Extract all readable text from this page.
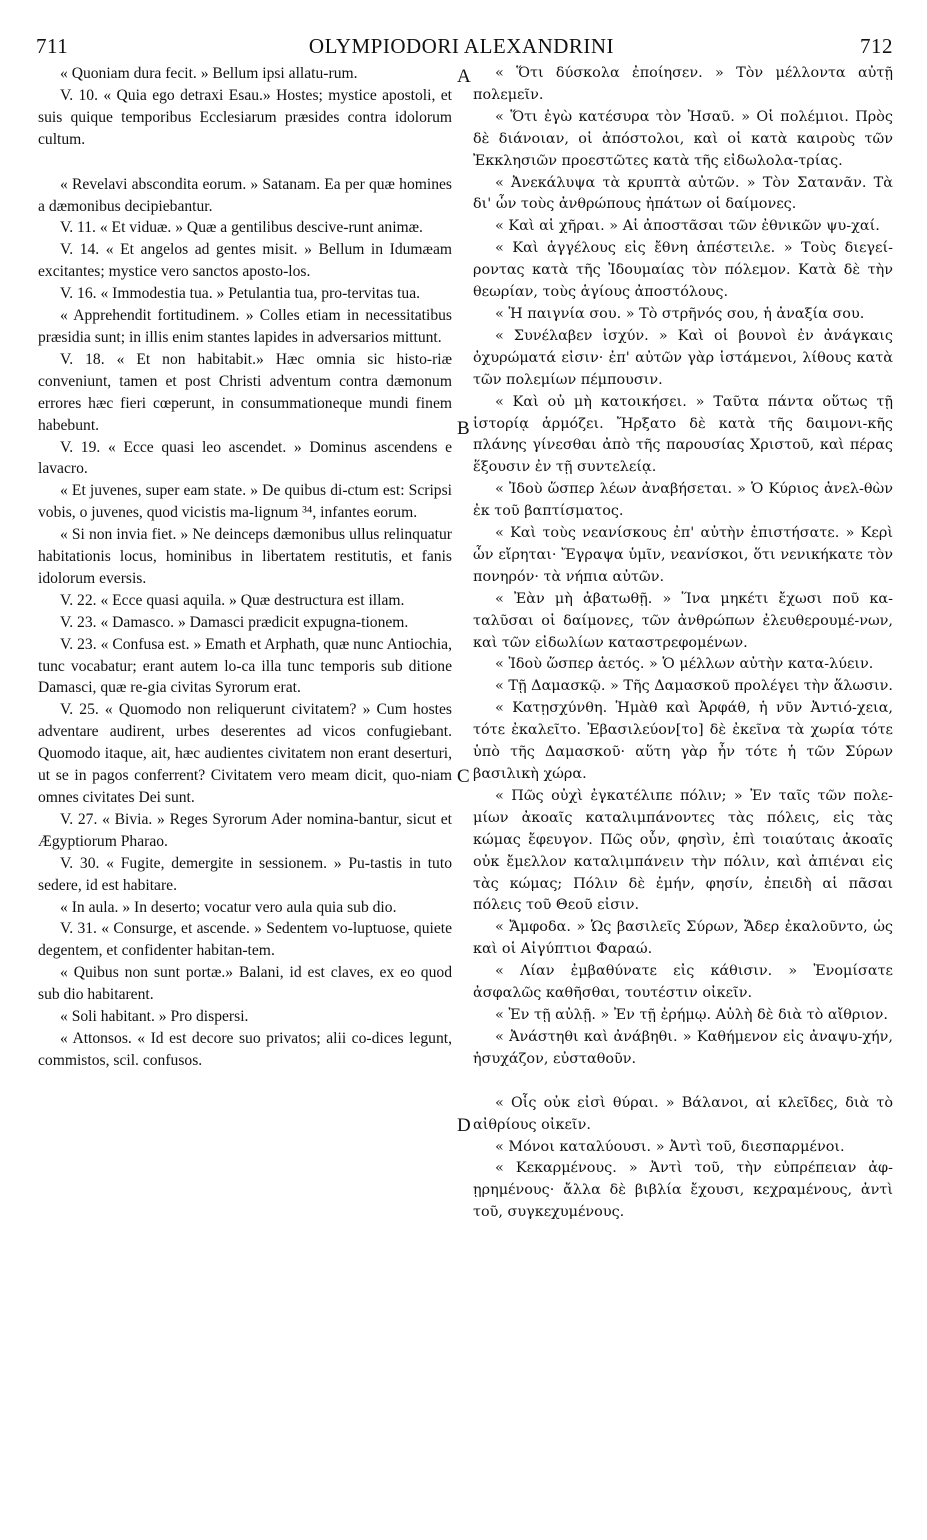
711	OLYMPIODORI ALEXANDRINI	712
A
B
C
D

« Quoniam dura fecit. » Bellum ipsi allatu-rum.

V. 10. « Quia ego detraxi Esau.» Hostes; mystice apostoli, et suis quique temporibus Ecclesiarum præsides contra idolorum cultum.

« Revelavi abscondita eorum. » Satanam. Ea per quæ homines a dæmonibus decipiebantur.

V. 11. « Et viduæ. » Quæ a gentilibus descive-runt animæ.

V. 14. « Et angelos ad gentes misit. » Bellum in Idumæam excitantes; mystice vero sanctos aposto-los.

V. 16. « Immodestia tua. » Petulantia tua, pro-tervitas tua.

« Apprehendit fortitudinem. » Colles etiam in necessitatibus præsidia sunt; in illis enim stantes lapides in adversarios mittunt.

V. 18. « Et non habitabit.» Hæc omnia sic histo-riæ conveniunt, tamen et post Christi adventum contra dæmonum errores hæc fieri cœperunt, in consummationeque mundi finem habebunt.

V. 19. « Ecce quasi leo ascendet. » Dominus ascendens e lavacro.

« Et juvenes, super eam state. » De quibus di-ctum est: Scripsi vobis, o juvenes, quod vicistis ma-lignum ³⁴, infantes eorum.

« Si non invia fiet. » Ne deinceps dæmonibus ullus relinquatur habitationis locus, hominibus in libertatem restitutis, et fanis idolorum eversis.

V. 22. « Ecce quasi aquila. » Quæ destructura est illam.

V. 23. « Damasco. » Damasci prædicit expugna-tionem.

V. 23. « Confusa est. » Emath et Arphath, quæ nunc Antiochia, tunc vocabatur; erant autem lo-ca illa tunc temporis sub ditione Damasci, quæ re-gia civitas Syrorum erat.

V. 25. « Quomodo non reliquerunt civitatem? » Cum hostes adventare audirent, urbes deserentes ad vicos confugiebant. Quomodo itaque, ait, hæc audientes civitatem non erant deserturi, ut se in pagos conferrent? Civitatem vero meam dicit, quo-niam omnes civitates Dei sunt.

V. 27. « Bivia. » Reges Syrorum Ader nomina-bantur, sicut et Ægyptiorum Pharao.

V. 30. « Fugite, demergite in sessionem. » Pu-tastis in tuto sedere, id est habitare.

« In aula. » In deserto; vocatur vero aula quia sub dio.

V. 31. « Consurge, et ascende. » Sedentem vo-luptuose, quiete degentem, et confidenter habitan-tem.

« Quibus non sunt portæ.» Balani, id est claves, ex eo quod sub dio habitarent.

« Soli habitant. » Pro dispersi.

« Attonsos. « Id est decore suo privatos; alii co-dices legunt, commistos, scil. confusos.

« Ὅτι δύσκολα ἐποίησεν. » Τὸν μέλλοντα αὐτῇ πολεμεῖν.

« Ὅτι ἐγὼ κατέσυρα τὸν Ἠσαῦ. » Οἱ πολέμιοι. Πρὸς δὲ διάνοιαν, οἱ ἀπόστολοι, καὶ οἱ κατὰ καιροὺς τῶν Ἐκκλησιῶν προεστῶτες κατὰ τῆς εἰδωλολα-τρίας.

« Ἀνεκάλυψα τὰ κρυπτὰ αὐτῶν. » Τὸν Σατανᾶν. Τὰ δι' ὧν τοὺς ἀνθρώπους ἠπάτων οἱ δαίμονες.

« Καὶ αἱ χῆραι. » Αἱ ἀποστᾶσαι τῶν ἐθνικῶν ψυ-χαί.

« Καὶ ἀγγέλους εἰς ἔθνη ἀπέστειλε. » Τοὺς διεγεί-ροντας κατὰ τῆς Ἰδουμαίας τὸν πόλεμον. Κατὰ δὲ τὴν θεωρίαν, τοὺς ἁγίους ἀποστόλους.

« Ἡ παιγνία σου. » Τὸ στρῆνός σου, ἡ ἀναξία σου.

« Συνέλαβεν ἰσχύν. » Καὶ οἱ βουνοὶ ἐν ἀνάγκαις ὀχυρώματά εἰσιν· ἐπ' αὐτῶν γὰρ ἱστάμενοι, λίθους κατὰ τῶν πολεμίων πέμπουσιν.

« Καὶ οὐ μὴ κατοικήσει. » Ταῦτα πάντα οὕτως τῇ ἱστορίᾳ ἁρμόζει. Ἤρξατο δὲ κατὰ τῆς δαιμονι-κῆς πλάνης γίνεσθαι ἀπὸ τῆς παρουσίας Χριστοῦ, καὶ πέρας ἕξουσιν ἐν τῇ συντελείᾳ.

« Ἰδοὺ ὥσπερ λέων ἀναβήσεται. » Ὁ Κύριος ἀνελ-θὼν ἐκ τοῦ βαπτίσματος.

« Καὶ τοὺς νεανίσκους ἐπ' αὐτὴν ἐπιστήσατε. » Κερὶ ὧν εἴρηται· Ἔγραψα ὑμῖν, νεανίσκοι, ὅτι νενικήκατε τὸν πονηρόν· τὰ νήπια αὐτῶν.

« Ἐὰν μὴ ἀβατωθῇ. » Ἵνα μηκέτι ἔχωσι ποῦ κα-ταλῦσαι οἱ δαίμονες, τῶν ἀνθρώπων ἐλευθερουμέ-νων, καὶ τῶν εἰδωλίων καταστρεφομένων.

« Ἰδοὺ ὥσπερ ἀετός. » Ὁ μέλλων αὐτὴν κατα-λύειν.

« Τῇ Δαμασκῷ. » Τῆς Δαμασκοῦ προλέγει τὴν ἅλωσιν.

« Κατῃσχύνθη. Ἡμὰθ καὶ Ἀρφάθ, ἡ νῦν Ἀντιό-χεια, τότε ἐκαλεῖτο. Ἐβασιλεύον[το] δὲ ἐκεῖνα τὰ χωρία τότε ὑπὸ τῆς Δαμασκοῦ· αὕτη γὰρ ἦν τότε ἡ τῶν Σύρων βασιλικὴ χώρα.

« Πῶς οὐχὶ ἐγκατέλιπε πόλιν; » Ἐν ταῖς τῶν πολε-μίων ἀκοαῖς καταλιμπάνοντες τὰς πόλεις, εἰς τὰς κώμας ἔφευγον. Πῶς οὖν, φησὶν, ἐπὶ τοιαύταις ἀκοαῖς οὐκ ἔμελλον καταλιμπάνειν τὴν πόλιν, καὶ ἀπιέναι εἰς τὰς κώμας; Πόλιν δὲ ἐμήν, φησίν, ἐπειδὴ αἱ πᾶσαι πόλεις τοῦ Θεοῦ εἰσιν.

« Ἄμφοδα. » Ὡς βασιλεῖς Σύρων, Ἄδερ ἐκαλοῦντο, ὡς καὶ οἱ Αἰγύπτιοι Φαραώ.

« Λίαν ἐμβαθύνατε εἰς κάθισιν. » Ἐνομίσατε ἀσφαλῶς καθῆσθαι, τουτέστιν οἰκεῖν.

« Ἐν τῇ αὐλῇ. » Ἐν τῇ ἐρήμῳ. Αὐλὴ δὲ διὰ τὸ αἴθριον.

« Ἀνάστηθι καὶ ἀνάβηθι. » Καθήμενον εἰς ἀναψυ-χήν, ἡσυχάζον, εὐσταθοῦν.

« Οἷς οὐκ εἰσὶ θύραι. » Βάλανοι, αἱ κλεῖδες, διὰ τὸ αἰθρίους οἰκεῖν.

« Μόνοι καταλύουσι. » Ἀντὶ τοῦ, διεσπαρμένοι.

« Κεκαρμένους. » Ἀντὶ τοῦ, τὴν εὐπρέπειαν ἀφ-ῃρημένους· ἄλλα δὲ βιβλία ἔχουσι, κεχραμένους, ἀντὶ τοῦ, συγκεχυμένους.
